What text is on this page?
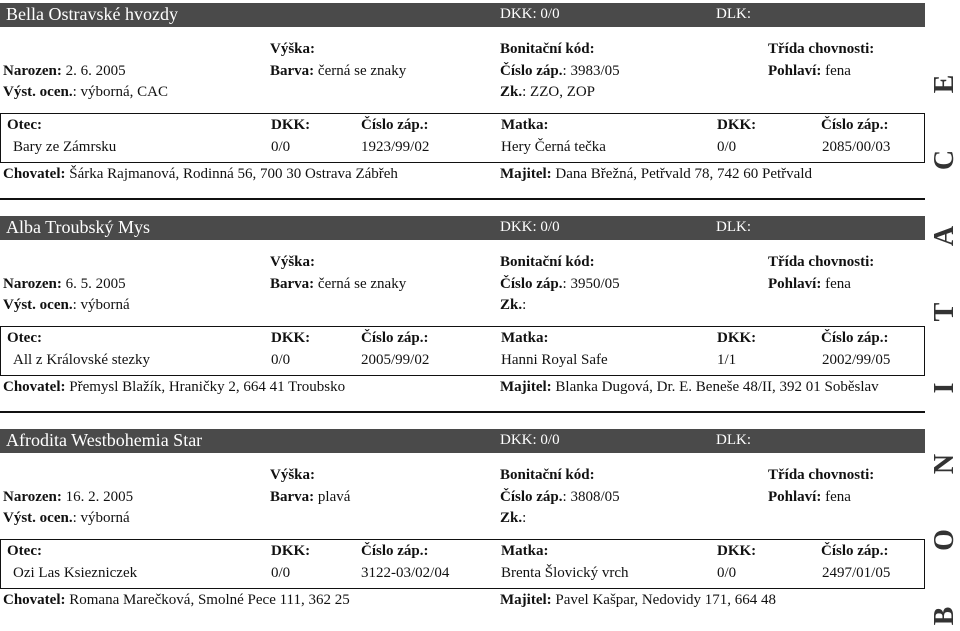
Bella Ostravské hvozdy	DKK: 0/0	DLK:
Výška:	Bonitační kód:	Třída chovnosti:
Narozen: 2. 6. 2005	Barva: černá se znaky	Číslo záp.: 3983/05	Pohlaví: fena
Výst. ocen.: výborná, CAC	Zk.: ZZO, ZOP
Otec:	DKK:	Číslo záp.:	Matka:	DKK:	Číslo záp.:
Bary ze Zámrsku	0/0	1923/99/02	Hery Černá tečka	0/0	2085/00/03
Chovatel: Šárka Rajmanová, Rodinná 56, 700 30 Ostrava Zábřeh	Majitel: Dana Břežná, Petřvald 78, 742 60 Petřvald
Alba Troubský Mys	DKK: 0/0	DLK:
Výška:	Bonitační kód:	Třída chovnosti:
Narozen: 6. 5. 2005	Barva: černá se znaky	Číslo záp.: 3950/05	Pohlaví: fena
Výst. ocen.: výborná	Zk.:
Otec:	DKK:	Číslo záp.:	Matka:	DKK:	Číslo záp.:
All z Královské stezky	0/0	2005/99/02	Hanni Royal Safe	1/1	2002/99/05
Chovatel: Přemysl Blažík, Hraničky 2, 664 41 Troubsko	Majitel: Blanka Dugová, Dr. E. Beneše 48/II, 392 01 Soběslav
Afrodita Westbohemia Star	DKK: 0/0	DLK:
Výška:	Bonitační kód:	Třída chovnosti:
Narozen: 16. 2. 2005	Barva: plavá	Číslo záp.: 3808/05	Pohlaví: fena
Výst. ocen.: výborná	Zk.:
Otec:	DKK:	Číslo záp.:	Matka:	DKK:	Číslo záp.:
Ozi Las Ksiezniczek	0/0	3122-03/02/04	Brenta Šlovický vrch	0/0	2497/01/05
Chovatel: Romana Marečková, Smolné Pece 111, 362 25	Majitel: Pavel Kašpar, Nedovidy 171, 664 48
B
O
N
I
T
A
C
E
